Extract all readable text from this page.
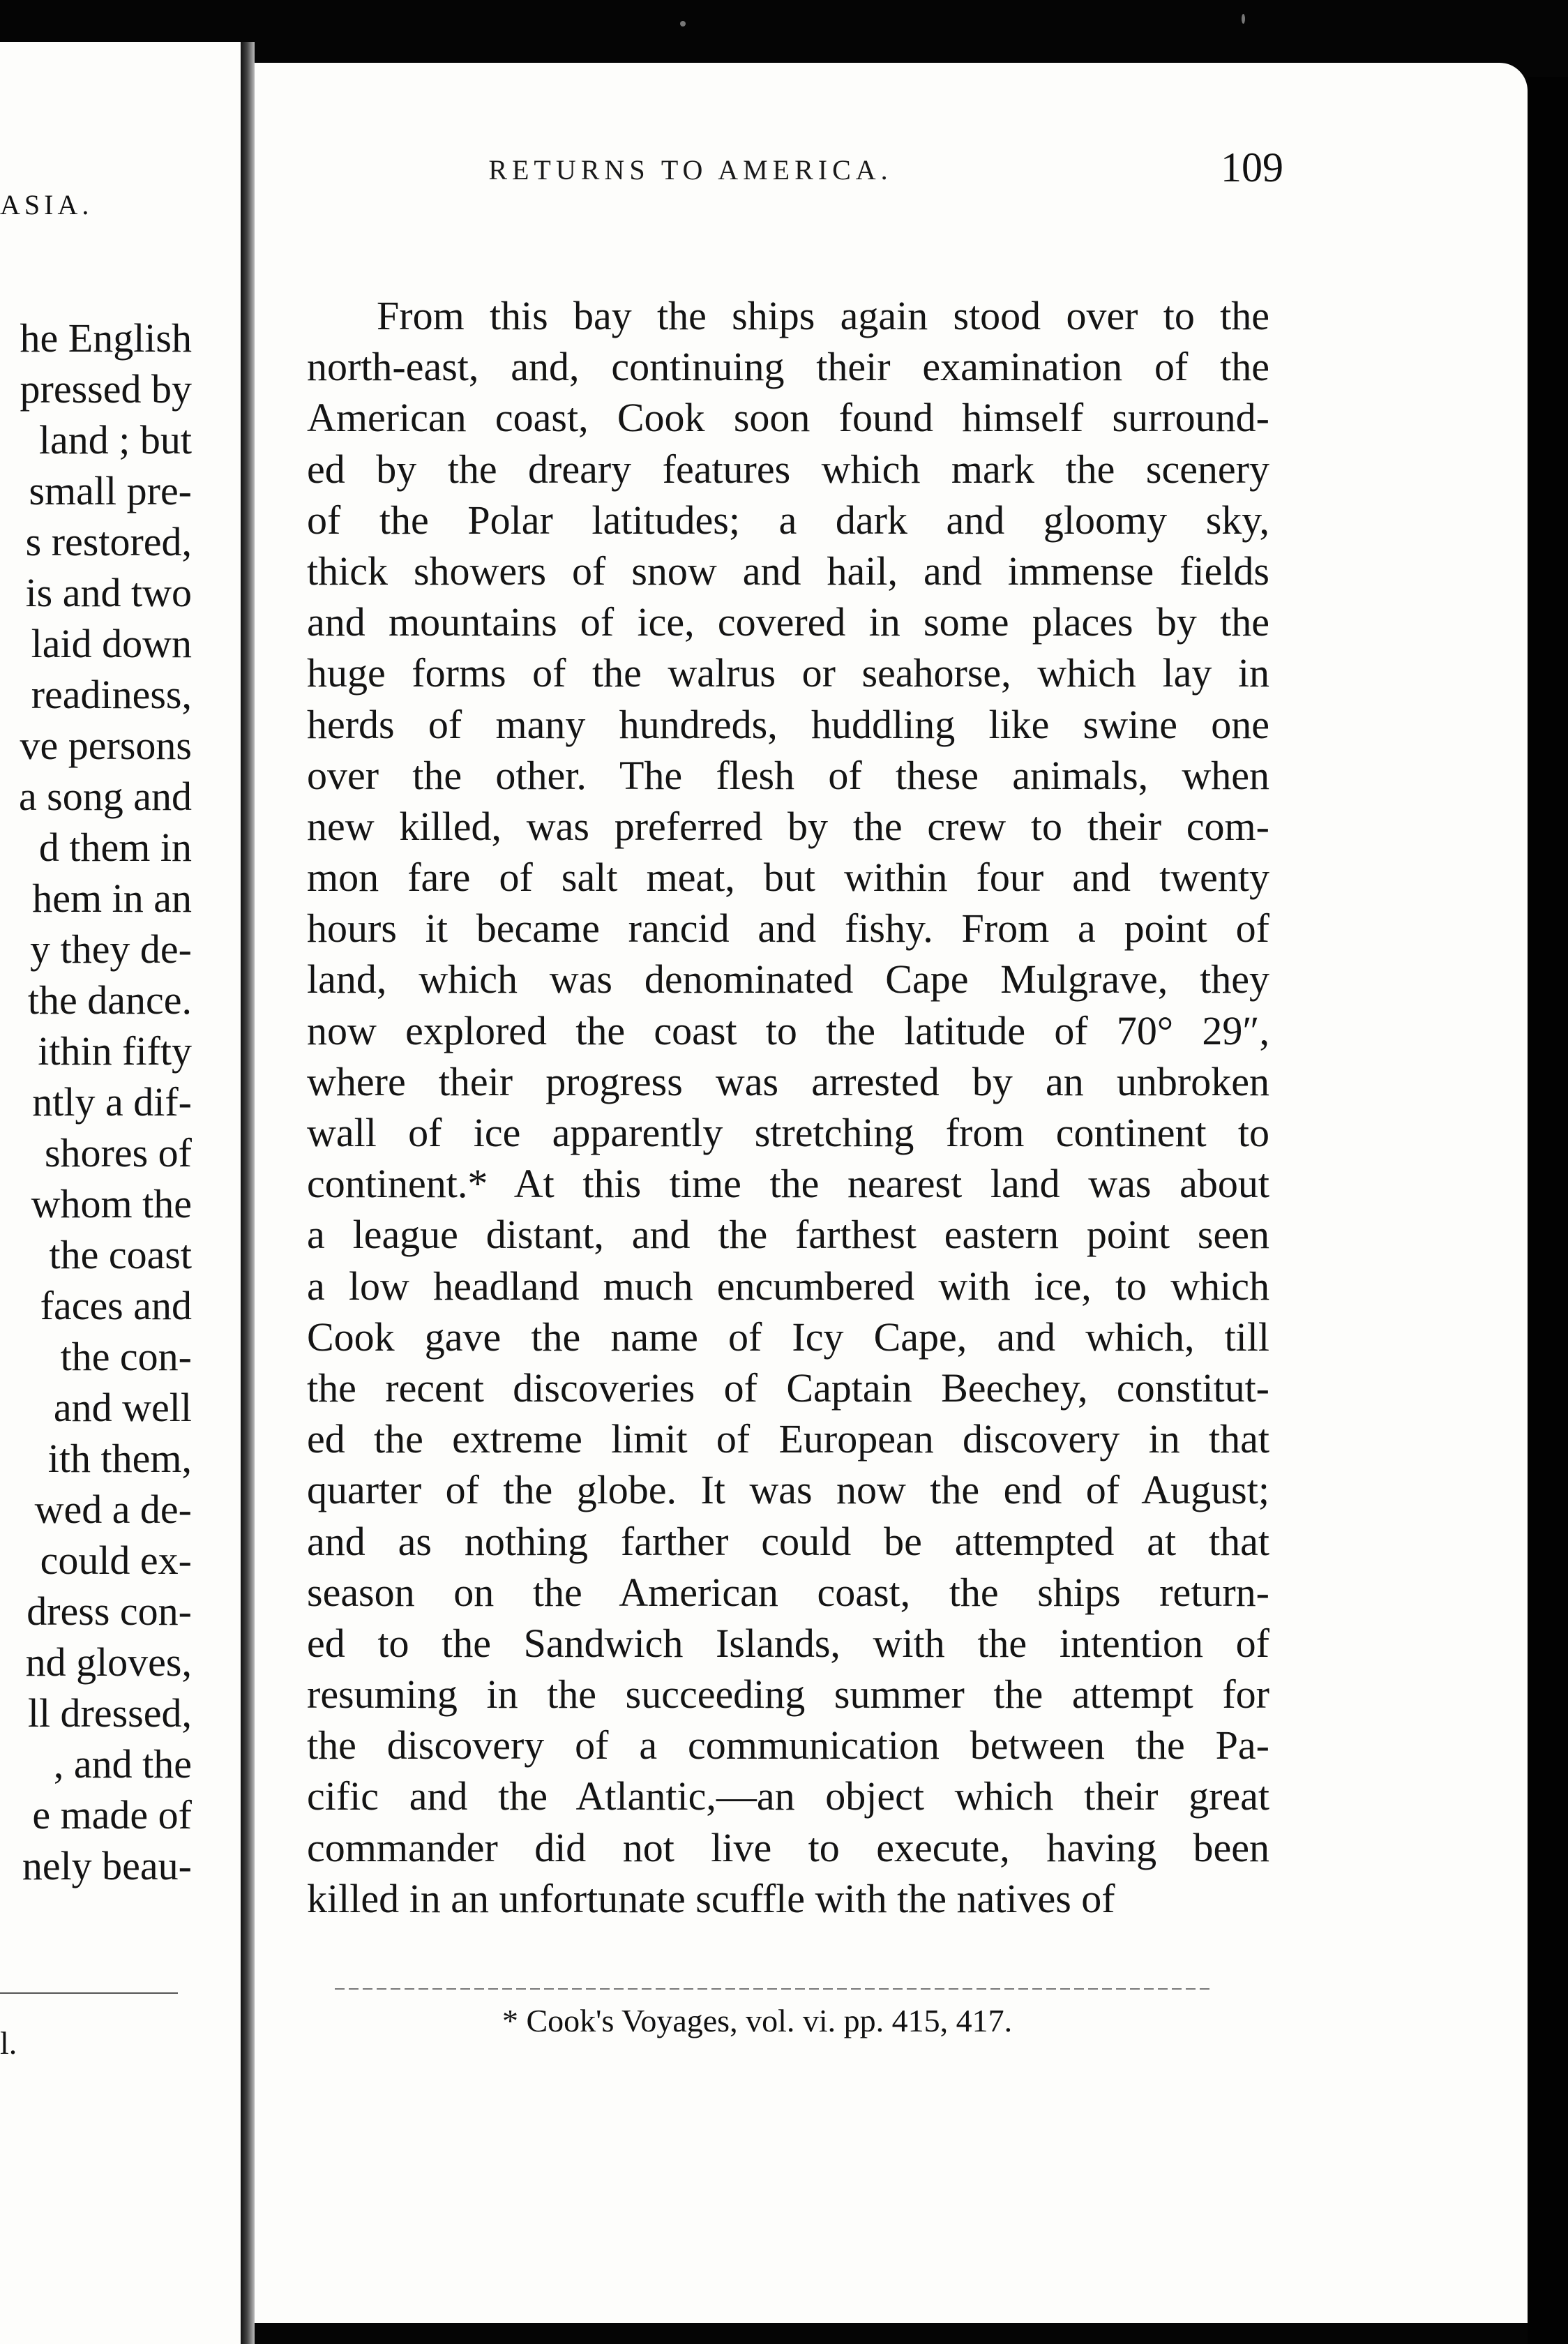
ASIA.
he English
pressed by
land ; but
small pre-
s restored,
is and two
laid down
readiness,
ve persons
a song and
d them in
hem in an
y they de-
the dance.
ithin fifty
ntly a dif-
shores of
whom the
the coast
faces and
the con-
and well
ith them,
wed a de-
could ex-
dress con-
nd gloves,
ll dressed,
, and the
e made of
nely beau-
l.
RETURNS TO AMERICA.	109
From this bay the ships again stood over to the
north-east, and, continuing their examination of the
American coast, Cook soon found himself surround-
ed by the dreary features which mark the scenery
of the Polar latitudes; a dark and gloomy sky,
thick showers of snow and hail, and immense fields
and mountains of ice, covered in some places by the
huge forms of the walrus or seahorse, which lay in
herds of many hundreds, huddling like swine one
over the other. The flesh of these animals, when
new killed, was preferred by the crew to their com-
mon fare of salt meat, but within four and twenty
hours it became rancid and fishy. From a point of
land, which was denominated Cape Mulgrave, they
now explored the coast to the latitude of 70° 29″,
where their progress was arrested by an unbroken
wall of ice apparently stretching from continent to
continent.* At this time the nearest land was about
a league distant, and the farthest eastern point seen
a low headland much encumbered with ice, to which
Cook gave the name of Icy Cape, and which, till
the recent discoveries of Captain Beechey, constitut-
ed the extreme limit of European discovery in that
quarter of the globe. It was now the end of August;
and as nothing farther could be attempted at that
season on the American coast, the ships return-
ed to the Sandwich Islands, with the intention of
resuming in the succeeding summer the attempt for
the discovery of a communication between the Pa-
cific and the Atlantic,—an object which their great
commander did not live to execute, having been
killed in an unfortunate scuffle with the natives of
* Cook's Voyages, vol. vi. pp. 415, 417.
